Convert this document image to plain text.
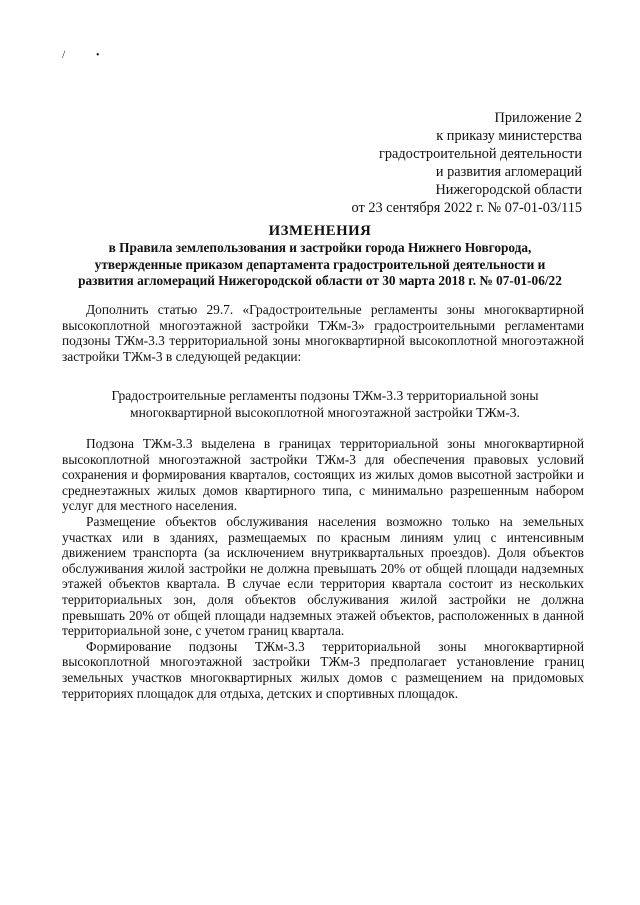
/	•
Приложение 2
к приказу министерства
градостроительной деятельности
и развития агломераций
Нижегородской области
от 23 сентября 2022 г. № 07-01-03/115
ИЗМЕНЕНИЯ
в Правила землепользования и застройки города Нижнего Новгорода,
утвержденные приказом департамента градостроительной деятельности и
развития агломераций Нижегородской области от 30 марта 2018 г. № 07-01-06/22

Дополнить статью 29.7. «Градостроительные регламенты зоны многоквартирной высокоплотной многоэтажной застройки ТЖм-3» градостроительными регламентами подзоны ТЖм-3.3 территориальной зоны многоквартирной высокоплотной многоэтажной застройки ТЖм-3 в следующей редакции:

Градостроительные регламенты подзоны ТЖм-3.3 территориальной зоны
многоквартирной высокоплотной многоэтажной застройки ТЖм-3.

Подзона ТЖм-3.3 выделена в границах территориальной зоны многоквартирной высокоплотной многоэтажной застройки ТЖм-3 для обеспечения правовых условий сохранения и формирования кварталов, состоящих из жилых домов высотной застройки и среднеэтажных жилых домов квартирного типа, с минимально разрешенным набором услуг для местного населения.

Размещение объектов обслуживания населения возможно только на земельных участках или в зданиях, размещаемых по красным линиям улиц с интенсивным движением транспорта (за исключением внутриквартальных проездов). Доля объектов обслуживания жилой застройки не должна превышать 20% от общей площади надземных этажей объектов квартала. В случае если территория квартала состоит из нескольких территориальных зон, доля объектов обслуживания жилой застройки не должна превышать 20% от общей площади надземных этажей объектов, расположенных в данной территориальной зоне, с учетом границ квартала.

Формирование подзоны ТЖм-3.3 территориальной зоны многоквартирной высокоплотной многоэтажной застройки ТЖм-3 предполагает установление границ земельных участков многоквартирных жилых домов с размещением на придомовых территориях площадок для отдыха, детских и спортивных площадок.
